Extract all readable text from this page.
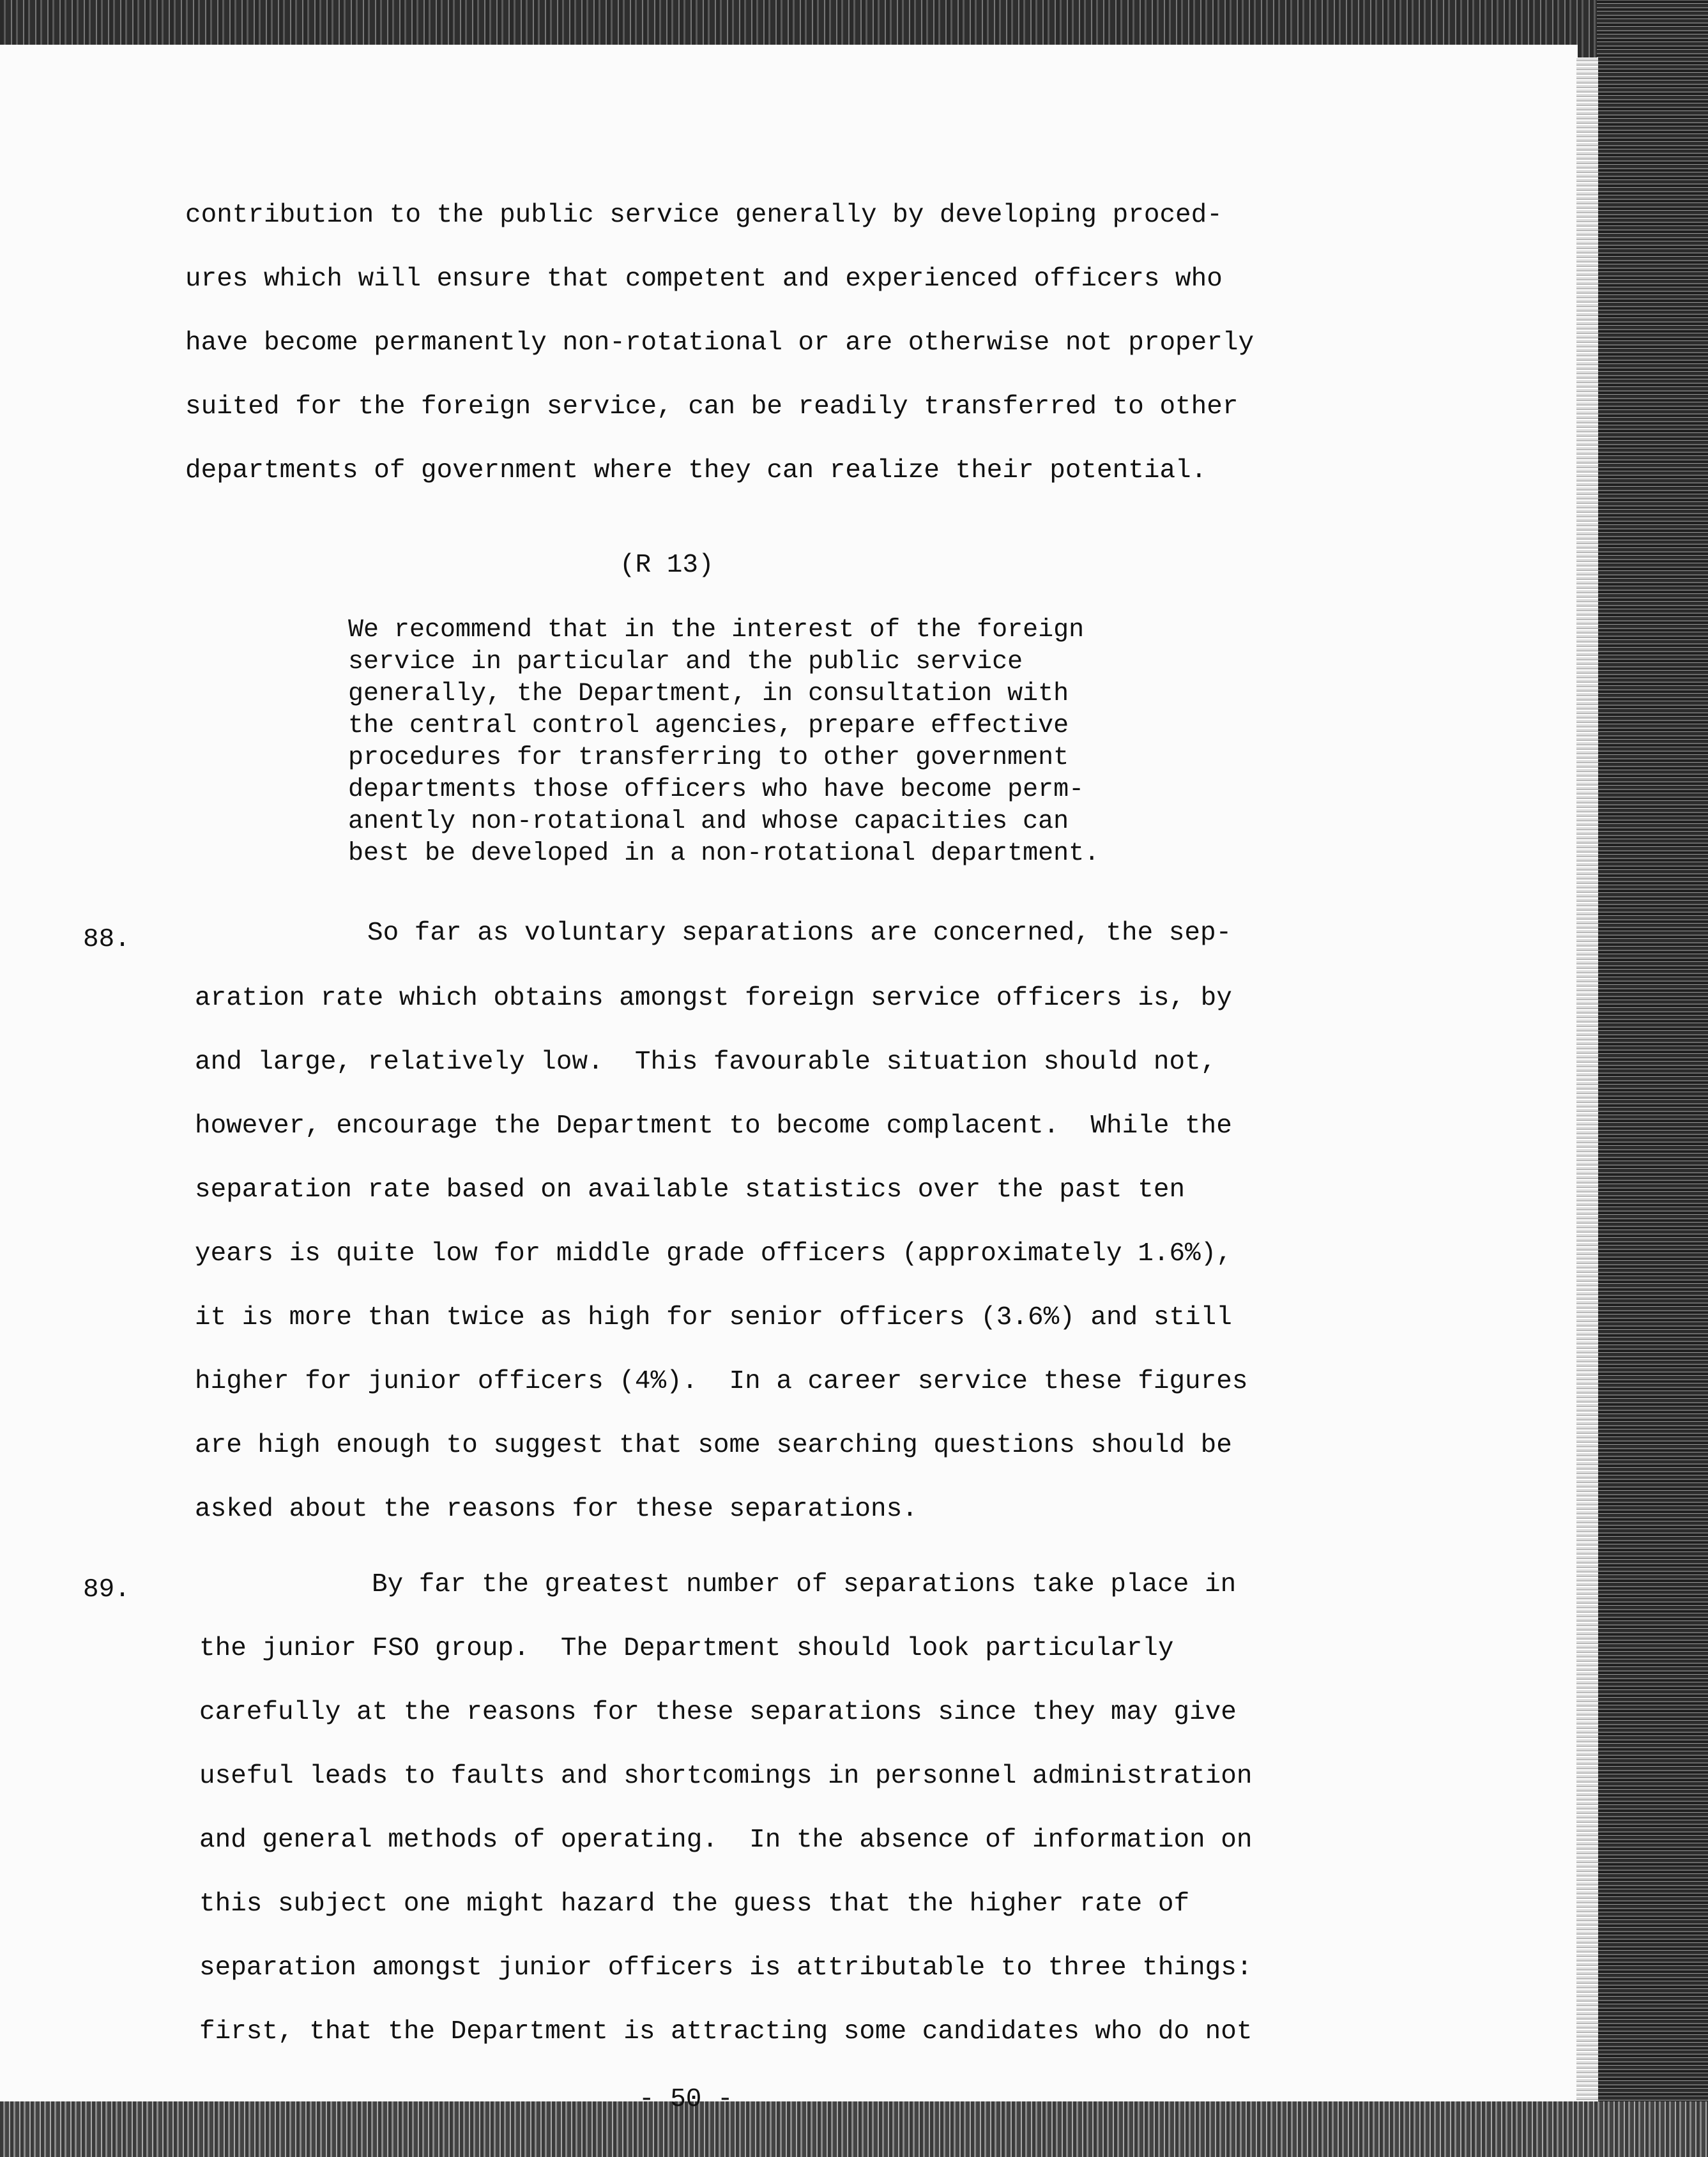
contribution to the public service generally by developing proced-
ures which will ensure that competent and experienced officers who
have become permanently non-rotational or are otherwise not properly
suited for the foreign service, can be readily transferred to other
departments of government where they can realize their potential.
(R 13)
We recommend that in the interest of the foreign
service in particular and the public service
generally, the Department, in consultation with
the central control agencies, prepare effective
procedures for transferring to other government
departments those officers who have become perm-
anently non-rotational and whose capacities can
best be developed in a non-rotational department.
88.	So far as voluntary separations are concerned, the sep-
aration rate which obtains amongst foreign service officers is, by
and large, relatively low.  This favourable situation should not,
however, encourage the Department to become complacent.  While the
separation rate based on available statistics over the past ten
years is quite low for middle grade officers (approximately 1.6%),
it is more than twice as high for senior officers (3.6%) and still
higher for junior officers (4%).  In a career service these figures
are high enough to suggest that some searching questions should be
asked about the reasons for these separations.
89.	By far the greatest number of separations take place in
the junior FSO group.  The Department should look particularly
carefully at the reasons for these separations since they may give
useful leads to faults and shortcomings in personnel administration
and general methods of operating.  In the absence of information on
this subject one might hazard the guess that the higher rate of
separation amongst junior officers is attributable to three things:
first, that the Department is attracting some candidates who do not
- 50 -
